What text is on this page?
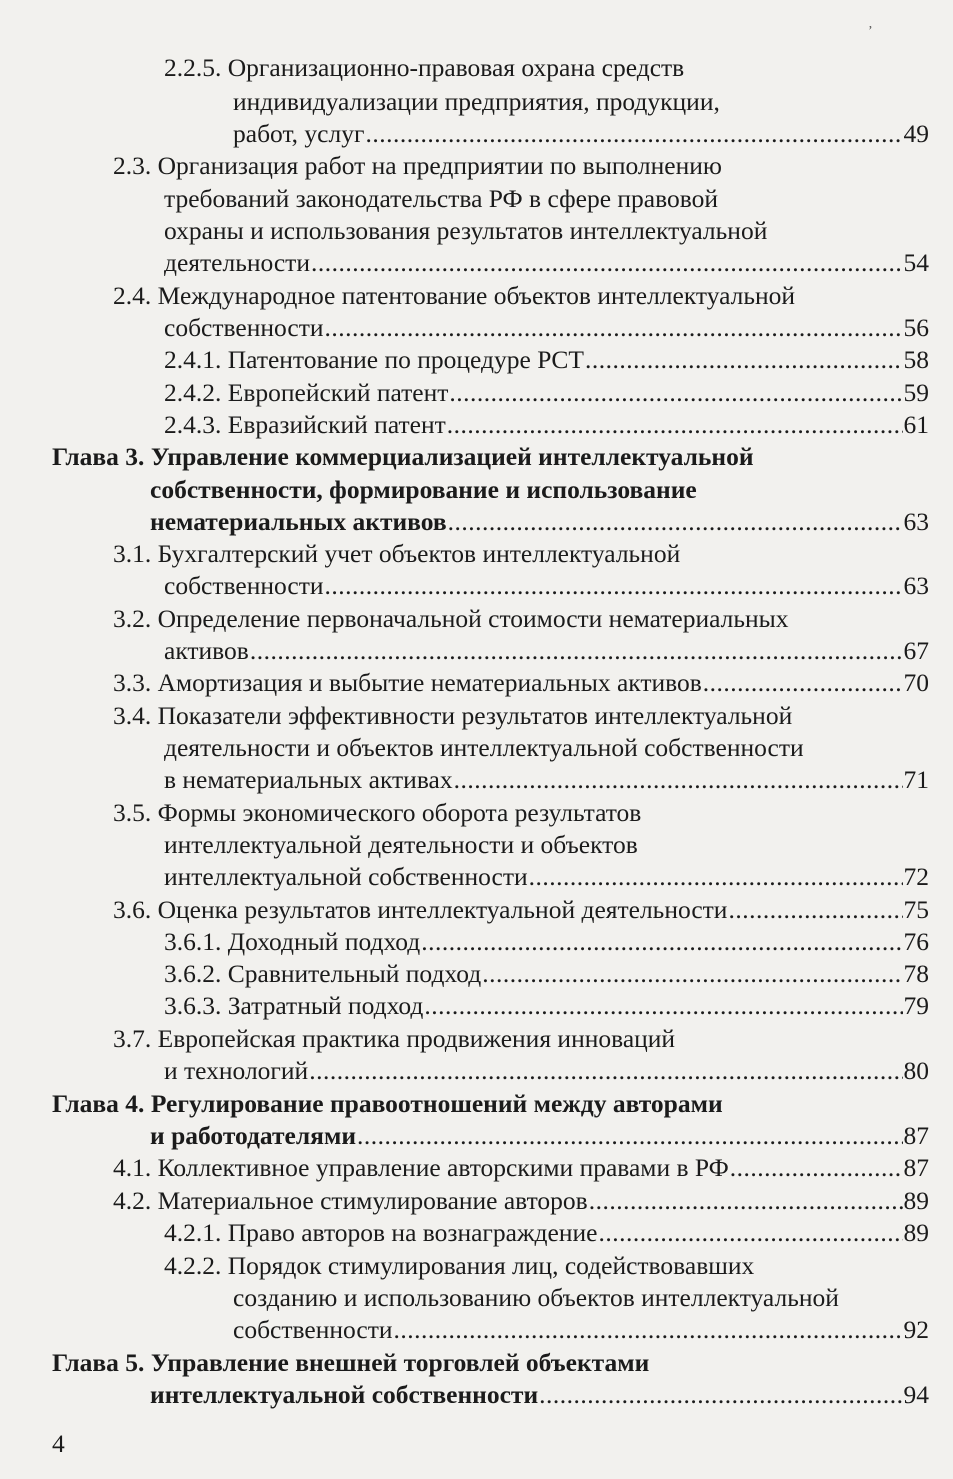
ʼ
2.2.5.
Организационно-правовая охрана средств
индивидуализации предприятия, продукции,
работ, услуг .....	49
2.3.
Организация работ на предприятии по выполнению
требований законодательства РФ в сфере правовой
охраны и использования результатов интеллектуальной
деятельности .....	54
2.4.
Международное патентование объектов интеллектуальной
собственности .....	56
2.4.1.
Патентование по процедуре PCT .....	58
2.4.2.
Европейский патент .....	59
2.4.3.
Евразийский патент .....	61
Глава 3.
Управление коммерциализацией интеллектуальной
собственности, формирование и использование
нематериальных активов .....	63
3.1.
Бухгалтерский учет объектов интеллектуальной
собственности .....	63
3.2.
Определение первоначальной стоимости нематериальных
активов .....	67
3.3.
Амортизация и выбытие нематериальных активов .....	70
3.4.
Показатели эффективности результатов интеллектуальной
деятельности и объектов интеллектуальной собственности
в нематериальных активах .....	71
3.5.
Формы экономического оборота результатов
интеллектуальной деятельности и объектов
интеллектуальной собственности .....	72
3.6.
Оценка результатов интеллектуальной деятельности .....	75
3.6.1.
Доходный подход .....	76
3.6.2.
Сравнительный подход .....	78
3.6.3.
Затратный подход .....	79
3.7.
Европейская практика продвижения инноваций
и технологий .....	80
Глава 4.
Регулирование правоотношений между авторами
и работодателями .....	87
4.1.
Коллективное управление авторскими правами в РФ .....	87
4.2.
Материальное стимулирование авторов .....	89
4.2.1.
Право авторов на вознаграждение .....	89
4.2.2.
Порядок стимулирования лиц, содействовавших
созданию и использованию объектов интеллектуальной
собственности .....	92
Глава 5.
Управление внешней торговлей объектами
интеллектуальной собственности .....	94
4
